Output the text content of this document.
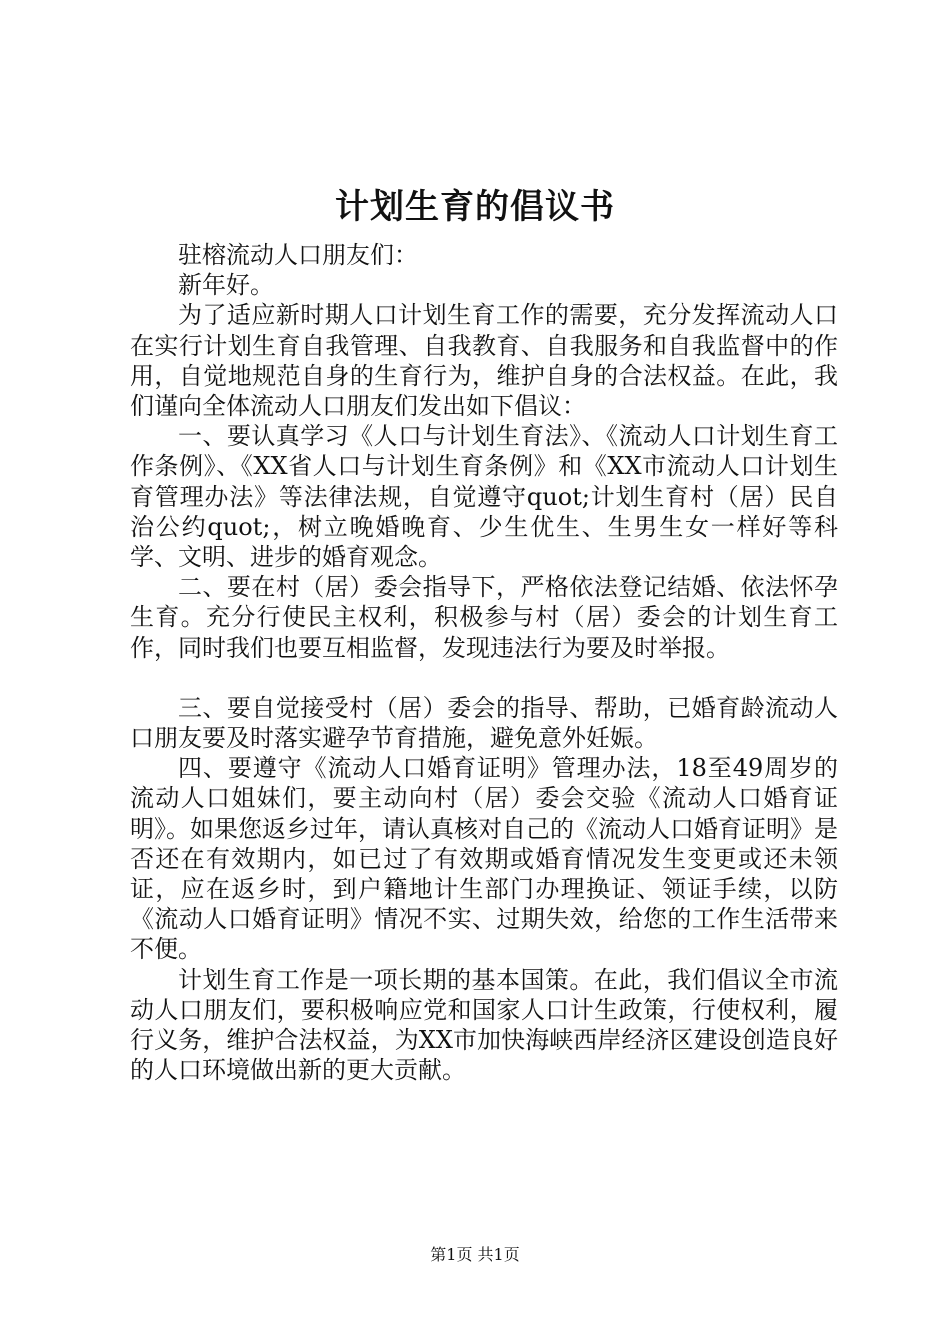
计划生育的倡议书

驻榕流动人口朋友们：

新年好。

为了适应新时期人口计划生育工作的需要，充分发挥流动人口在实行计划生育自我管理、自我教育、自我服务和自我监督中的作用，自觉地规范自身的生育行为，维护自身的合法权益。在此，我们谨向全体流动人口朋友们发出如下倡议：

一、要认真学习《人口与计划生育法》、《流动人口计划生育工作条例》、《XX省人口与计划生育条例》和《XX市流动人口计划生育管理办法》等法律法规，自觉遵守quot;计划生育村（居）民自治公约quot;，树立晚婚晚育、少生优生、生男生女一样好等科学、文明、进步的婚育观念。

二、要在村（居）委会指导下，严格依法登记结婚、依法怀孕生育。充分行使民主权利，积极参与村（居）委会的计划生育工作，同时我们也要互相监督，发现违法行为要及时举报。

三、要自觉接受村（居）委会的指导、帮助，已婚育龄流动人口朋友要及时落实避孕节育措施，避免意外妊娠。

四、要遵守《流动人口婚育证明》管理办法，18至49周岁的流动人口姐妹们，要主动向村（居）委会交验《流动人口婚育证明》。如果您返乡过年，请认真核对自己的《流动人口婚育证明》是否还在有效期内，如已过了有效期或婚育情况发生变更或还未领证，应在返乡时，到户籍地计生部门办理换证、领证手续，以防《流动人口婚育证明》情况不实、过期失效，给您的工作生活带来不便。

计划生育工作是一项长期的基本国策。在此，我们倡议全市流动人口朋友们，要积极响应党和国家人口计生政策，行使权利，履行义务，维护合法权益，为XX市加快海峡西岸经济区建设创造良好的人口环境做出新的更大贡献。

第1页 共1页
